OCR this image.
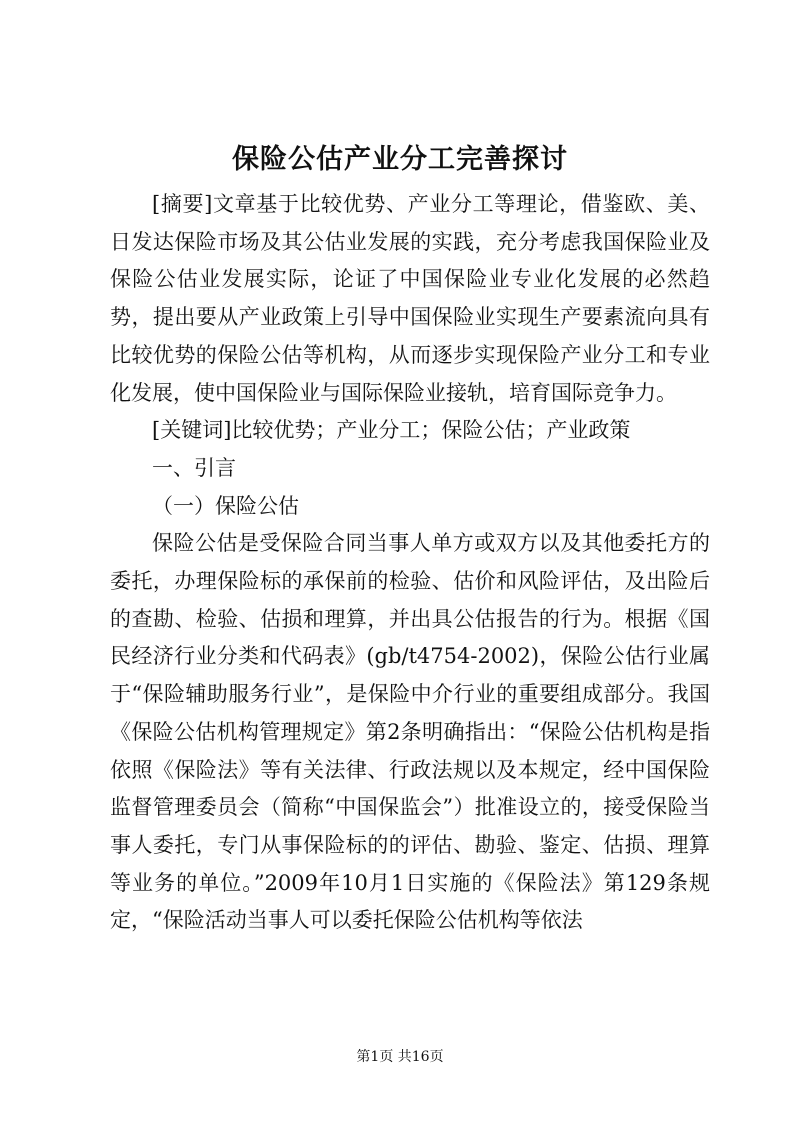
保险公估产业分工完善探讨

[摘要]文章基于比较优势、产业分工等理论，借鉴欧、美、日发达保险市场及其公估业发展的实践，充分考虑我国保险业及保险公估业发展实际，论证了中国保险业专业化发展的必然趋势，提出要从产业政策上引导中国保险业实现生产要素流向具有比较优势的保险公估等机构，从而逐步实现保险产业分工和专业化发展，使中国保险业与国际保险业接轨，培育国际竞争力。

[关键词]比较优势；产业分工；保险公估；产业政策

一、引言

（一）保险公估

保险公估是受保险合同当事人单方或双方以及其他委托方的委托，办理保险标的承保前的检验、估价和风险评估，及出险后的查勘、检验、估损和理算，并出具公估报告的行为。根据《国民经济行业分类和代码表》(gb/t4754-2002)，保险公估行业属于“保险辅助服务行业”，是保险中介行业的重要组成部分。我国《保险公估机构管理规定》第2条明确指出：“保险公估机构是指依照《保险法》等有关法律、行政法规以及本规定，经中国保险监督管理委员会（简称“中国保监会”）批准设立的，接受保险当事人委托，专门从事保险标的的评估、勘验、鉴定、估损、理算等业务的单位。”2009年10月1日实施的《保险法》第129条规定，“保险活动当事人可以委托保险公估机构等依法

第1页 共16页
